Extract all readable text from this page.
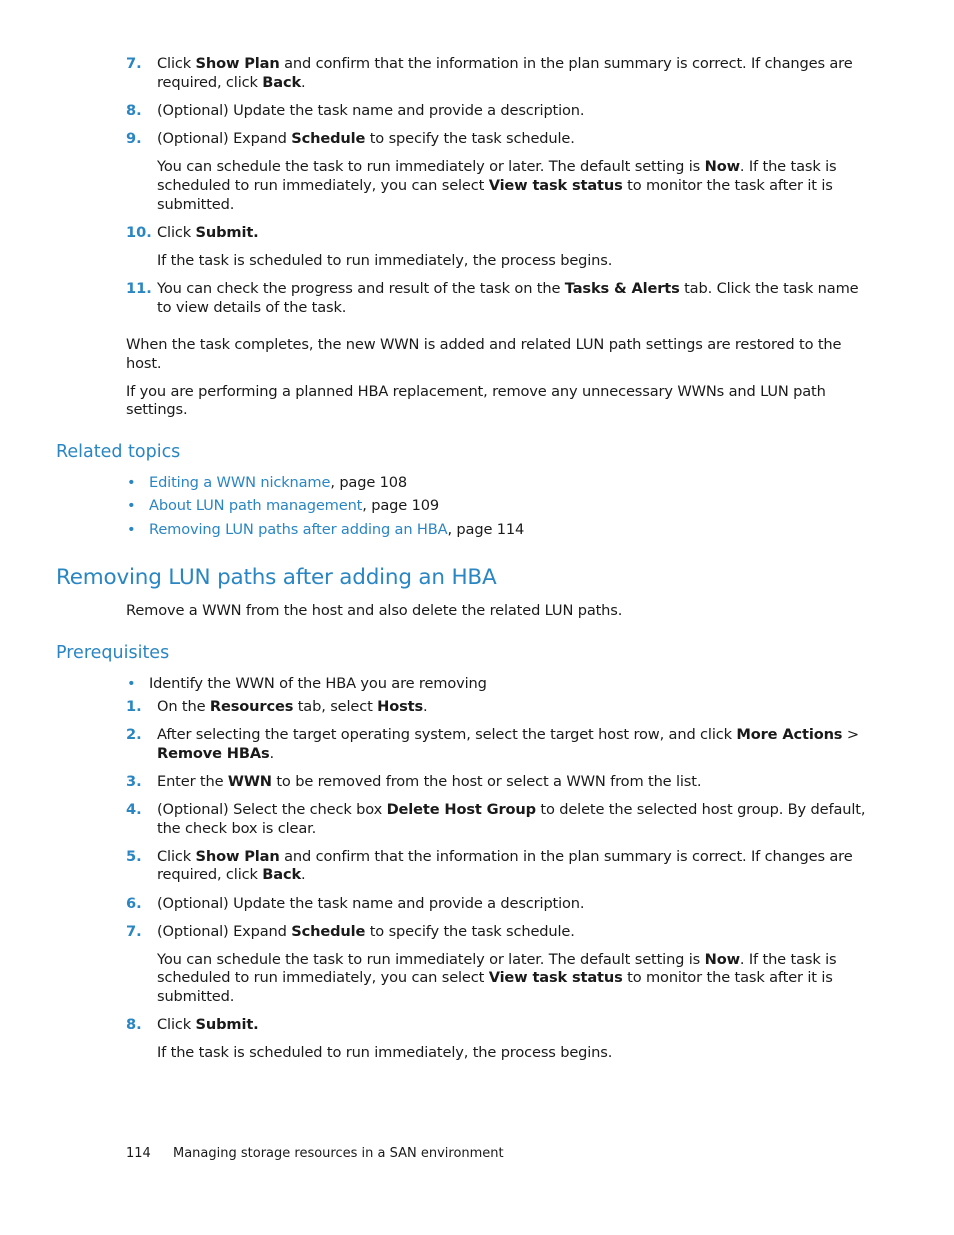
7. Click Show Plan and confirm that the information in the plan summary is correct. If changes are
required, click Back.
8. (Optional) Update the task name and provide a description.
9. (Optional) Expand Schedule to specify the task schedule.
You can schedule the task to run immediately or later. The default setting is Now. If the task is
scheduled to run immediately, you can select View task status to monitor the task after it is
submitted.
10. Click Submit.
If the task is scheduled to run immediately, the process begins.
11. You can check the progress and result of the task on the Tasks & Alerts tab. Click the task name
to view details of the task.
When the task completes, the new WWN is added and related LUN path settings are restored to the
host.
If you are performing a planned HBA replacement, remove any unnecessary WWNs and LUN path
settings.
Related topics
• Editing a WWN nickname, page 108
• About LUN path management, page 109
• Removing LUN paths after adding an HBA, page 114
Removing LUN paths after adding an HBA
Remove a WWN from the host and also delete the related LUN paths.
Prerequisites
• Identify the WWN of the HBA you are removing
1. On the Resources tab, select Hosts.
2. After selecting the target operating system, select the target host row, and click More Actions >
Remove HBAs.
3. Enter the WWN to be removed from the host or select a WWN from the list.
4. (Optional) Select the check box Delete Host Group to delete the selected host group. By default,
the check box is clear.
5. Click Show Plan and confirm that the information in the plan summary is correct. If changes are
required, click Back.
6. (Optional) Update the task name and provide a description.
7. (Optional) Expand Schedule to specify the task schedule.
You can schedule the task to run immediately or later. The default setting is Now. If the task is
scheduled to run immediately, you can select View task status to monitor the task after it is
submitted.
8. Click Submit.
If the task is scheduled to run immediately, the process begins.
114 Managing storage resources in a SAN environment
